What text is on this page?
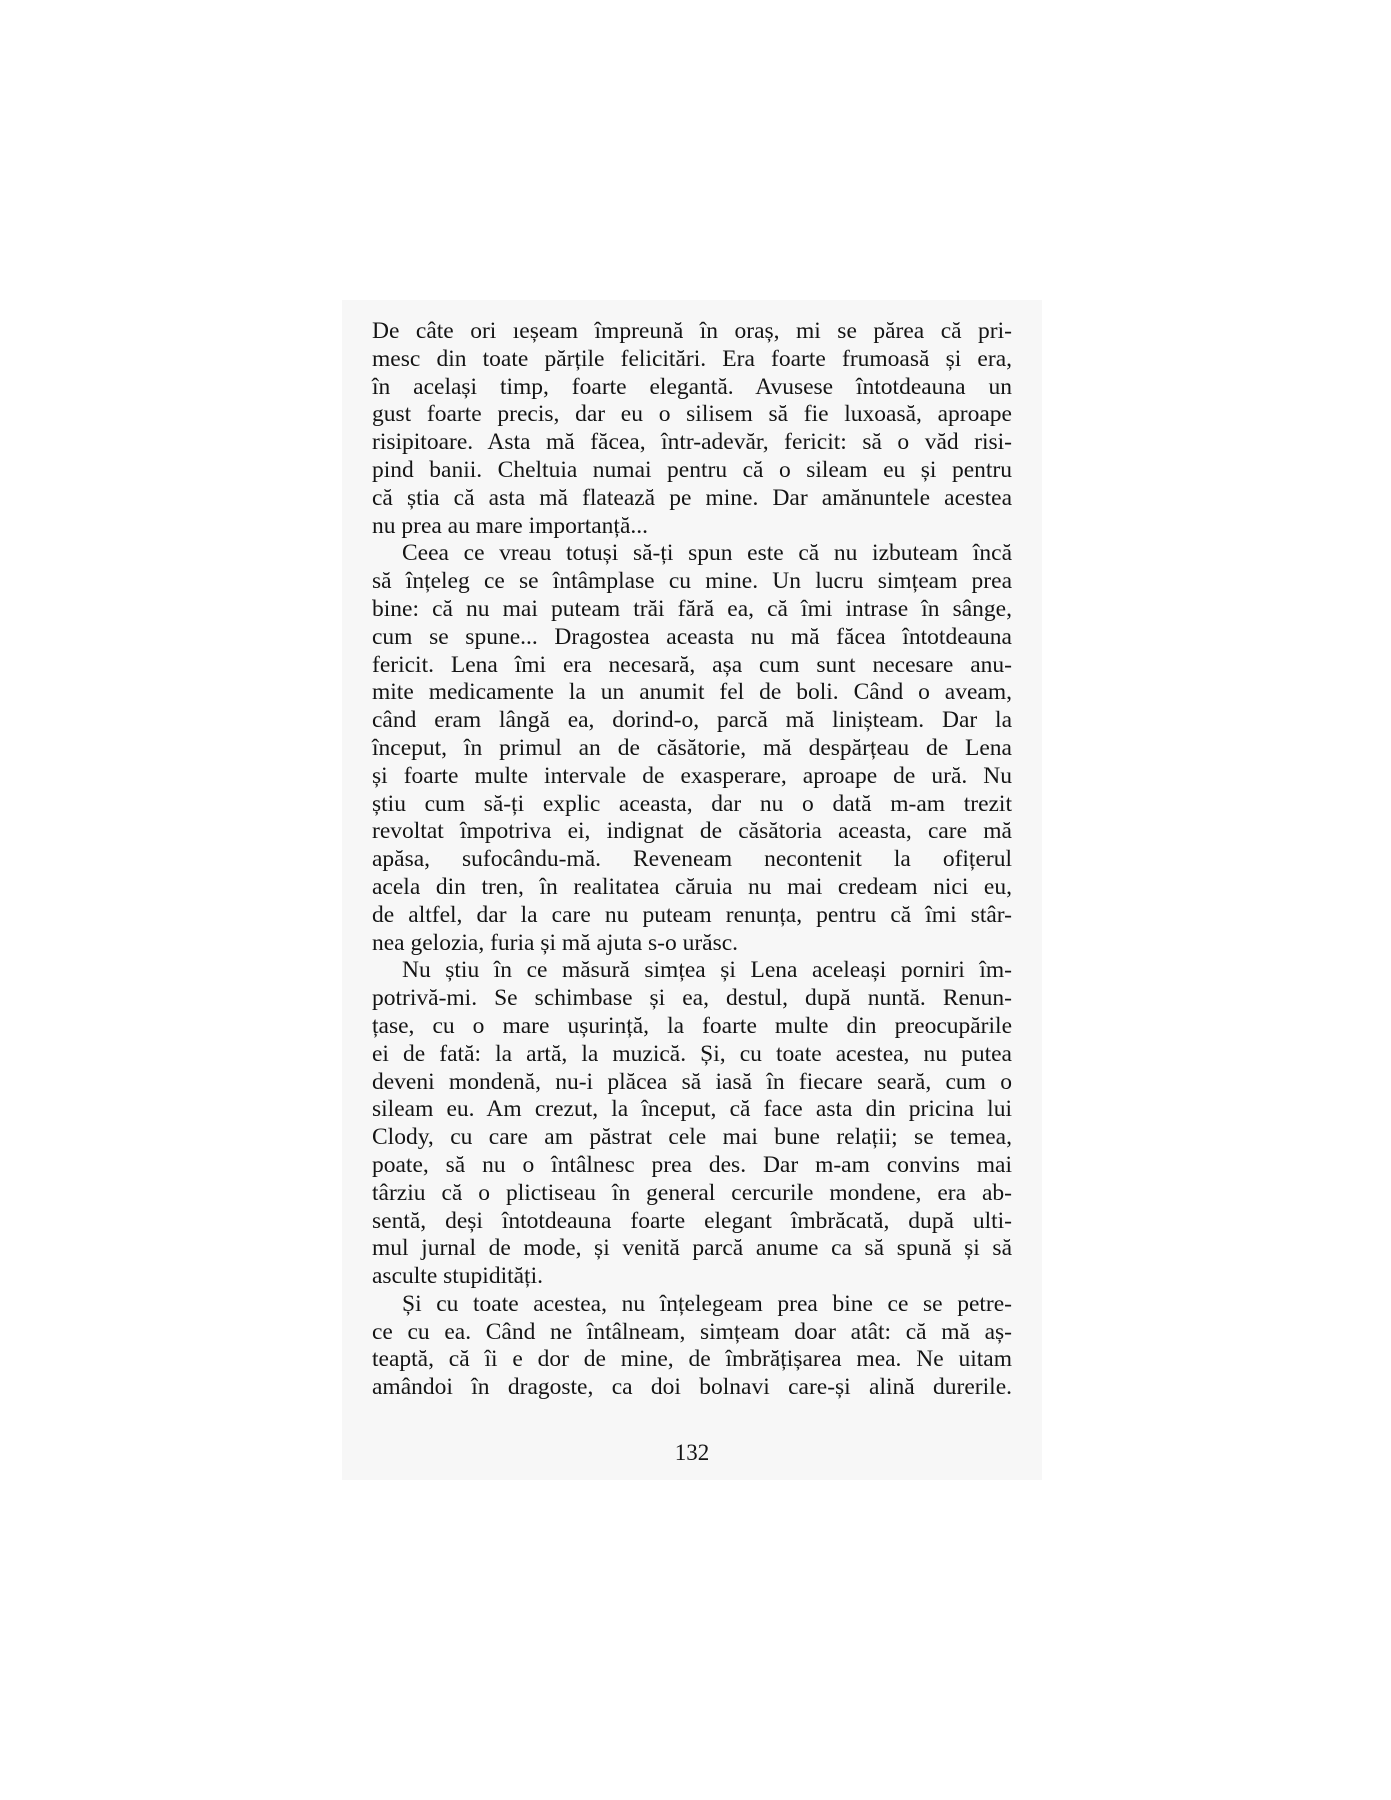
De câte ori ıeșeam împreună în oraș, mi se părea că pri-
mesc din toate părțile felicitări. Era foarte frumoasă și era,
în același timp, foarte elegantă. Avusese întotdeauna un
gust foarte precis, dar eu o silisem să fie luxoasă, aproape
risipitoare. Asta mă făcea, într-adevăr, fericit: să o văd risi-
pind banii. Cheltuia numai pentru că o sileam eu și pentru
că știa că asta mă flatează pe mine. Dar amănuntele acestea
nu prea au mare importanță...
Ceea ce vreau totuși să-ți spun este că nu izbuteam încă
să înțeleg ce se întâmplase cu mine. Un lucru simțeam prea
bine: că nu mai puteam trăi fără ea, că îmi intrase în sânge,
cum se spune... Dragostea aceasta nu mă făcea întotdeauna
fericit. Lena îmi era necesară, așa cum sunt necesare anu-
mite medicamente la un anumit fel de boli. Când o aveam,
când eram lângă ea, dorind-o, parcă mă liniștеam. Dar la
început, în primul an de căsătorie, mă despărțeau de Lena
și foarte multe intervale de exasperare, aproape de ură. Nu
știu cum să-ți explic aceasta, dar nu o dată m-am trezit
revoltat împotriva ei, indignat de căsătoria aceasta, care mă
apăsa, sufocându-mă. Reveneam necontenit la ofițerul
acela din tren, în realitatea căruia nu mai credeam nici eu,
de altfel, dar la care nu puteam renunța, pentru că îmi stâr-
nea gelozia, furia și mă ajuta s-o urăsc.
Nu știu în ce măsură simțea și Lena aceleași porniri îm-
potrivă-mi. Se schimbase și ea, destul, după nuntă. Renun-
țase, cu o mare ușurință, la foarte multe din preocupările
ei de fată: la artă, la muzică. Și, cu toate acestea, nu putea
deveni mondenă, nu-i plăcea să iasă în fiecare seară, cum o
sileam eu. Am crezut, la început, că face asta din pricina lui
Clody, cu care am păstrat cele mai bune relații; se temea,
poate, să nu o întâlnesc prea des. Dar m-am convins mai
târziu că o plictiseau în general cercurile mondene, era ab-
sentă, deși întotdeauna foarte elegant îmbrăcată, după ulti-
mul jurnal de mode, și venită parcă anume ca să spună și să
asculte stupidități.
Și cu toate acestea, nu înțelegeam prea bine ce se petre-
ce cu ea. Când ne întâlneam, simțeam doar atât: că mă aș-
teaptă, că îi e dor de mine, de îmbrățișarea mea. Ne uitam
amândoi în dragoste, ca doi bolnavi care-și alină durerile.
132
